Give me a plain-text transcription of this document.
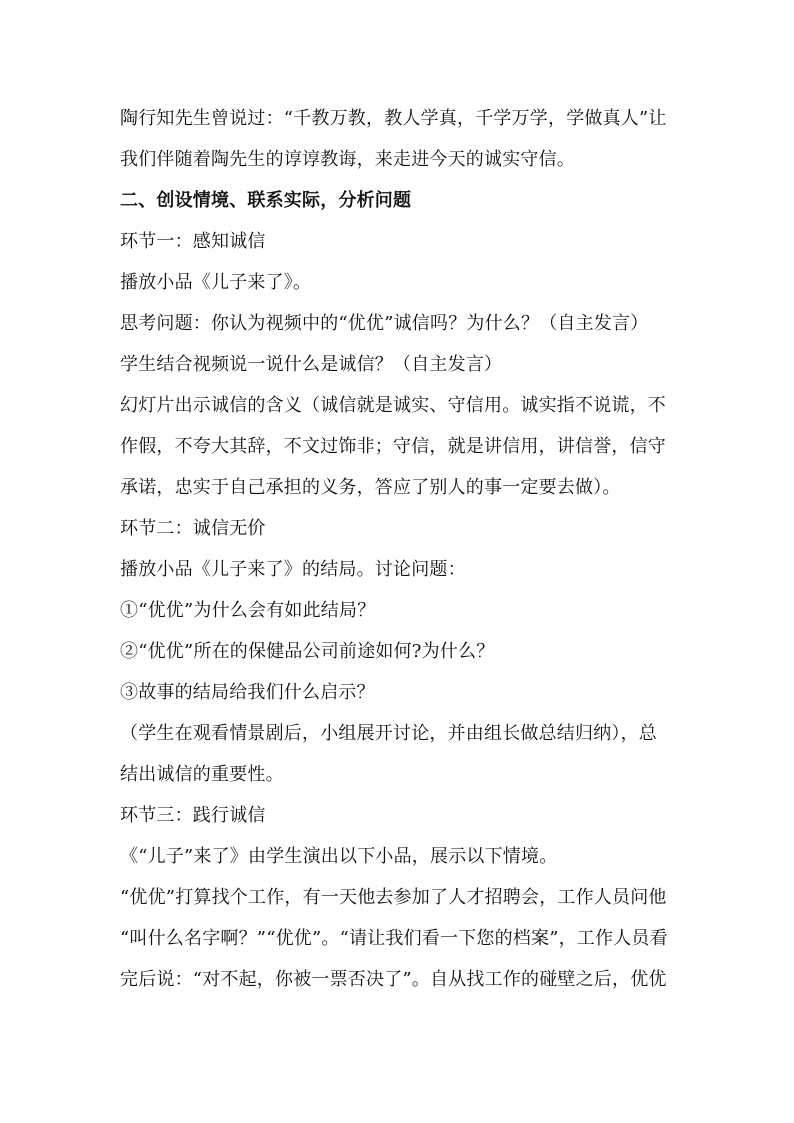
陶行知先生曾说过：“千教万教，教人学真，千学万学，学做真人”让
我们伴随着陶先生的谆谆教诲，来走进今天的诚实守信。
二、创设情境、联系实际，分析问题
环节一：感知诚信
播放小品《儿子来了》。
思考问题：你认为视频中的“优优”诚信吗？为什么？（自主发言）
学生结合视频说一说什么是诚信？（自主发言）
幻灯片出示诚信的含义（诚信就是诚实、守信用。诚实指不说谎，不
作假，不夸大其辞，不文过饰非；守信，就是讲信用，讲信誉，信守
承诺，忠实于自己承担的义务，答应了别人的事一定要去做）。
环节二：诚信无价
播放小品《儿子来了》的结局。讨论问题：
①“优优”为什么会有如此结局？
②“优优”所在的保健品公司前途如何?为什么？
③故事的结局给我们什么启示？
（学生在观看情景剧后，小组展开讨论，并由组长做总结归纳），总
结出诚信的重要性。
环节三：践行诚信
《“儿子”来了》由学生演出以下小品，展示以下情境。
“优优”打算找个工作，有一天他去参加了人才招聘会，工作人员问他
“叫什么名字啊？”“优优”。“请让我们看一下您的档案”，工作人员看
完后说：“对不起，你被一票否决了”。自从找工作的碰壁之后，优优
